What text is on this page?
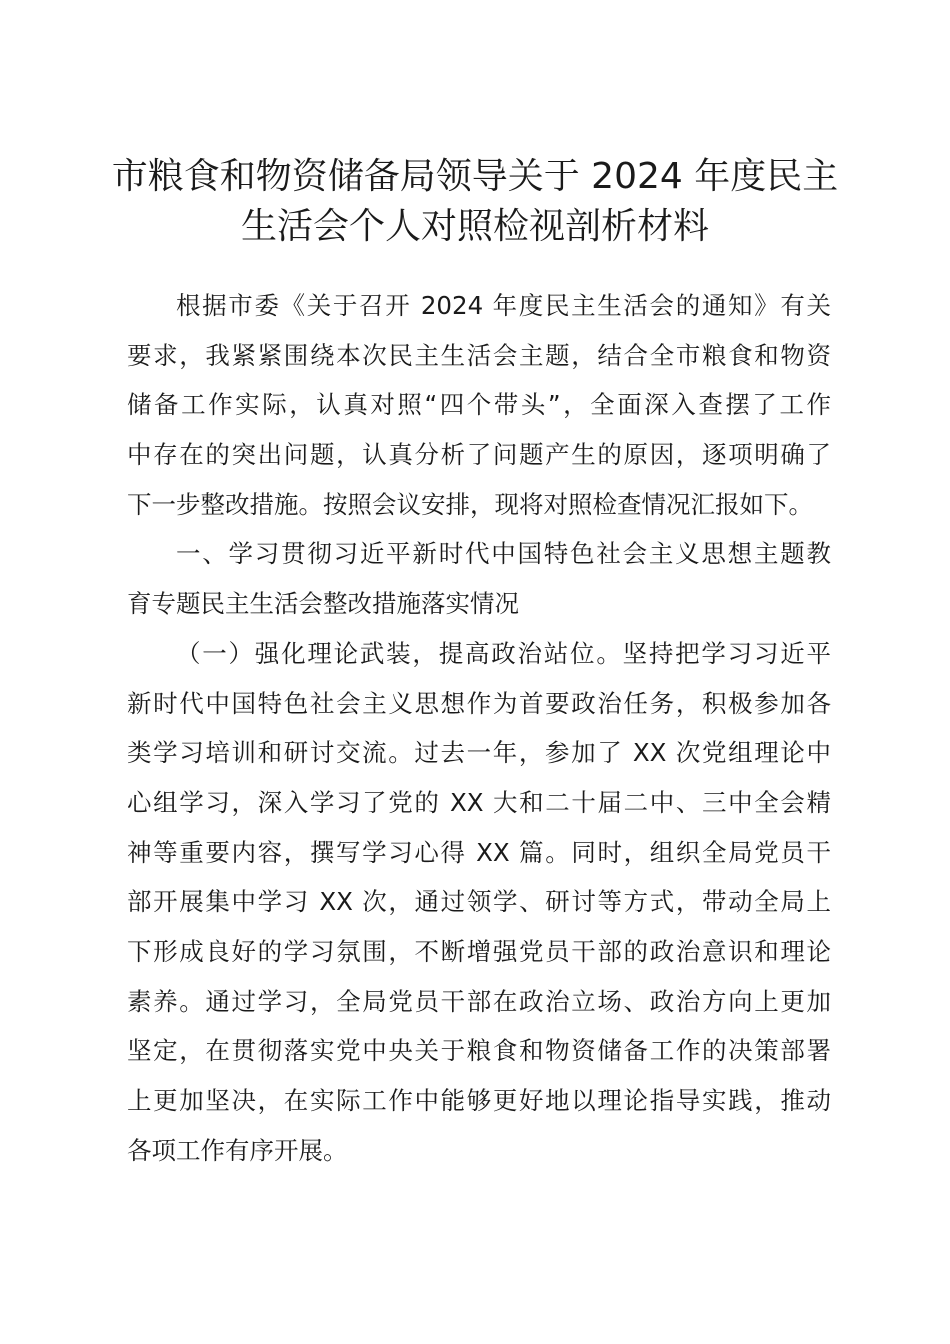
市粮食和物资储备局领导关于 2024 年度民主
生活会个人对照检视剖析材料
根据市委《关于召开 2024 年度民主生活会的通知》有关
要求，我紧紧围绕本次民主生活会主题，结合全市粮食和物资
储备工作实际，认真对照“四个带头”，全面深入查摆了工作
中存在的突出问题，认真分析了问题产生的原因，逐项明确了
下一步整改措施。按照会议安排，现将对照检查情况汇报如下。
一、学习贯彻习近平新时代中国特色社会主义思想主题教
育专题民主生活会整改措施落实情况
（一）强化理论武装，提高政治站位。坚持把学习习近平
新时代中国特色社会主义思想作为首要政治任务，积极参加各
类学习培训和研讨交流。过去一年，参加了 XX 次党组理论中
心组学习，深入学习了党的 XX 大和二十届二中、三中全会精
神等重要内容，撰写学习心得 XX 篇。同时，组织全局党员干
部开展集中学习 XX 次，通过领学、研讨等方式，带动全局上
下形成良好的学习氛围，不断增强党员干部的政治意识和理论
素养。通过学习，全局党员干部在政治立场、政治方向上更加
坚定，在贯彻落实党中央关于粮食和物资储备工作的决策部署
上更加坚决，在实际工作中能够更好地以理论指导实践，推动
各项工作有序开展。
